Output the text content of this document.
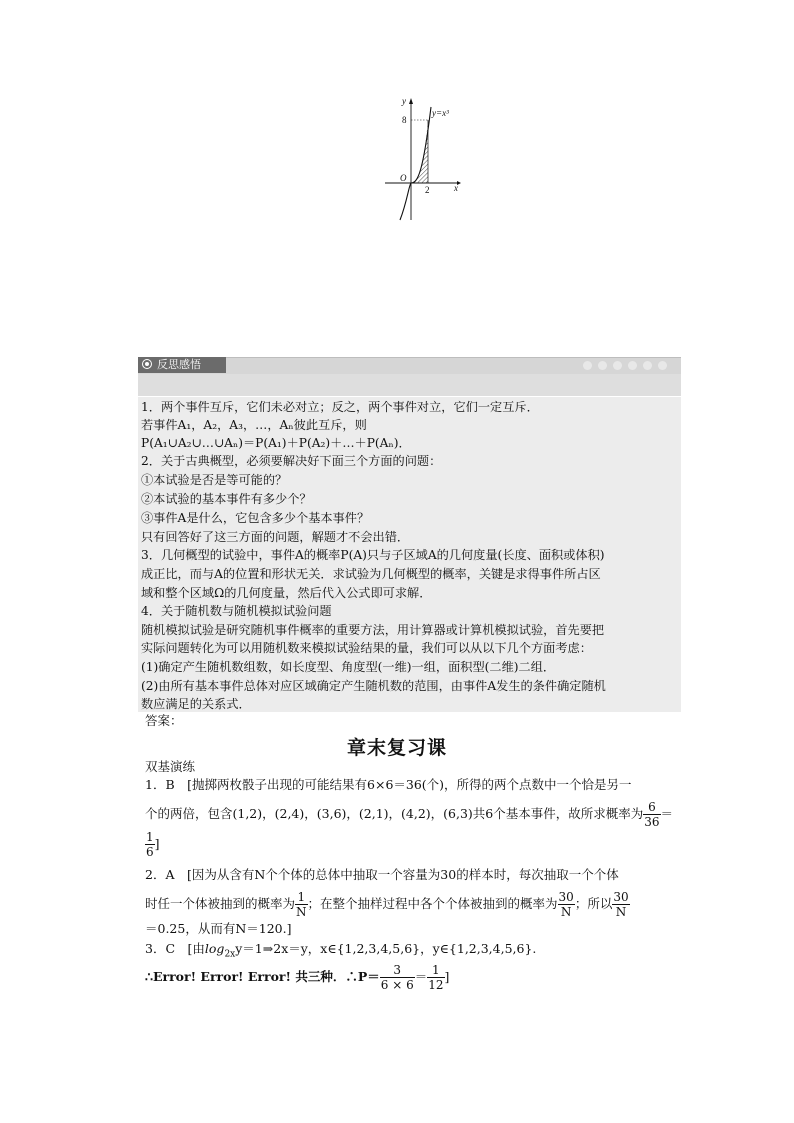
y
x
y=x³
8
2
O
反思感悟
1．两个事件互斥，它们未必对立；反之，两个事件对立，它们一定互斥．
若事件A₁，A₂，A₃，…，Aₙ彼此互斥，则
P(A₁∪A₂∪…∪Aₙ)＝P(A₁)＋P(A₂)＋…＋P(Aₙ)．
2．关于古典概型，必须要解决好下面三个方面的问题：
①本试验是否是等可能的？
②本试验的基本事件有多少个？
③事件A是什么，它包含多少个基本事件？
只有回答好了这三方面的问题，解题才不会出错．
3．几何概型的试验中，事件A的概率P(A)只与子区域A的几何度量(长度、面积或体积)
成正比，而与A的位置和形状无关．求试验为几何概型的概率，关键是求得事件所占区
域和整个区域Ω的几何度量，然后代入公式即可求解．
4．关于随机数与随机模拟试验问题
随机模拟试验是研究随机事件概率的重要方法，用计算器或计算机模拟试验，首先要把
实际问题转化为可以用随机数来模拟试验结果的量，我们可以从以下几个方面考虑：
(1)确定产生随机数组数，如长度型、角度型(一维)一组，面积型(二维)二组．
(2)由所有基本事件总体对应区域确定产生随机数的范围，由事件A发生的条件确定随机
数应满足的关系式．
答案：
章末复习课
双基演练
1．B　[抛掷两枚骰子出现的可能结果有6×6＝36(个)，所得的两个点数中一个恰是另一
个的两倍，包含(1,2)，(2,4)，(3,6)，(2,1)，(4,2)，(6,3)共6个基本事件，故所求概率为 $\frac{6}{36}$ ＝
$\frac{1}{6}$ ]
2．A　[因为从含有N个个体的总体中抽取一个容量为30的样本时，每次抽取一个个体
时任一个体被抽到的概率为 $\frac{1}{N}$ ；在整个抽样过程中各个个体被抽到的概率为 $\frac{30}{N}$ ；所以 $\frac{30}{N}$
＝0.25，从而有N＝120.]
3．C　[由$\log_{2x}y=1\Rightarrow 2x=y$，x∈{1,2,3,4,5,6}，y∈{1,2,3,4,5,6}.
∴Error! Error! Error! 共三种．∴P＝ $\frac{3}{6 \times 6} = \frac{1}{12}$ ]
